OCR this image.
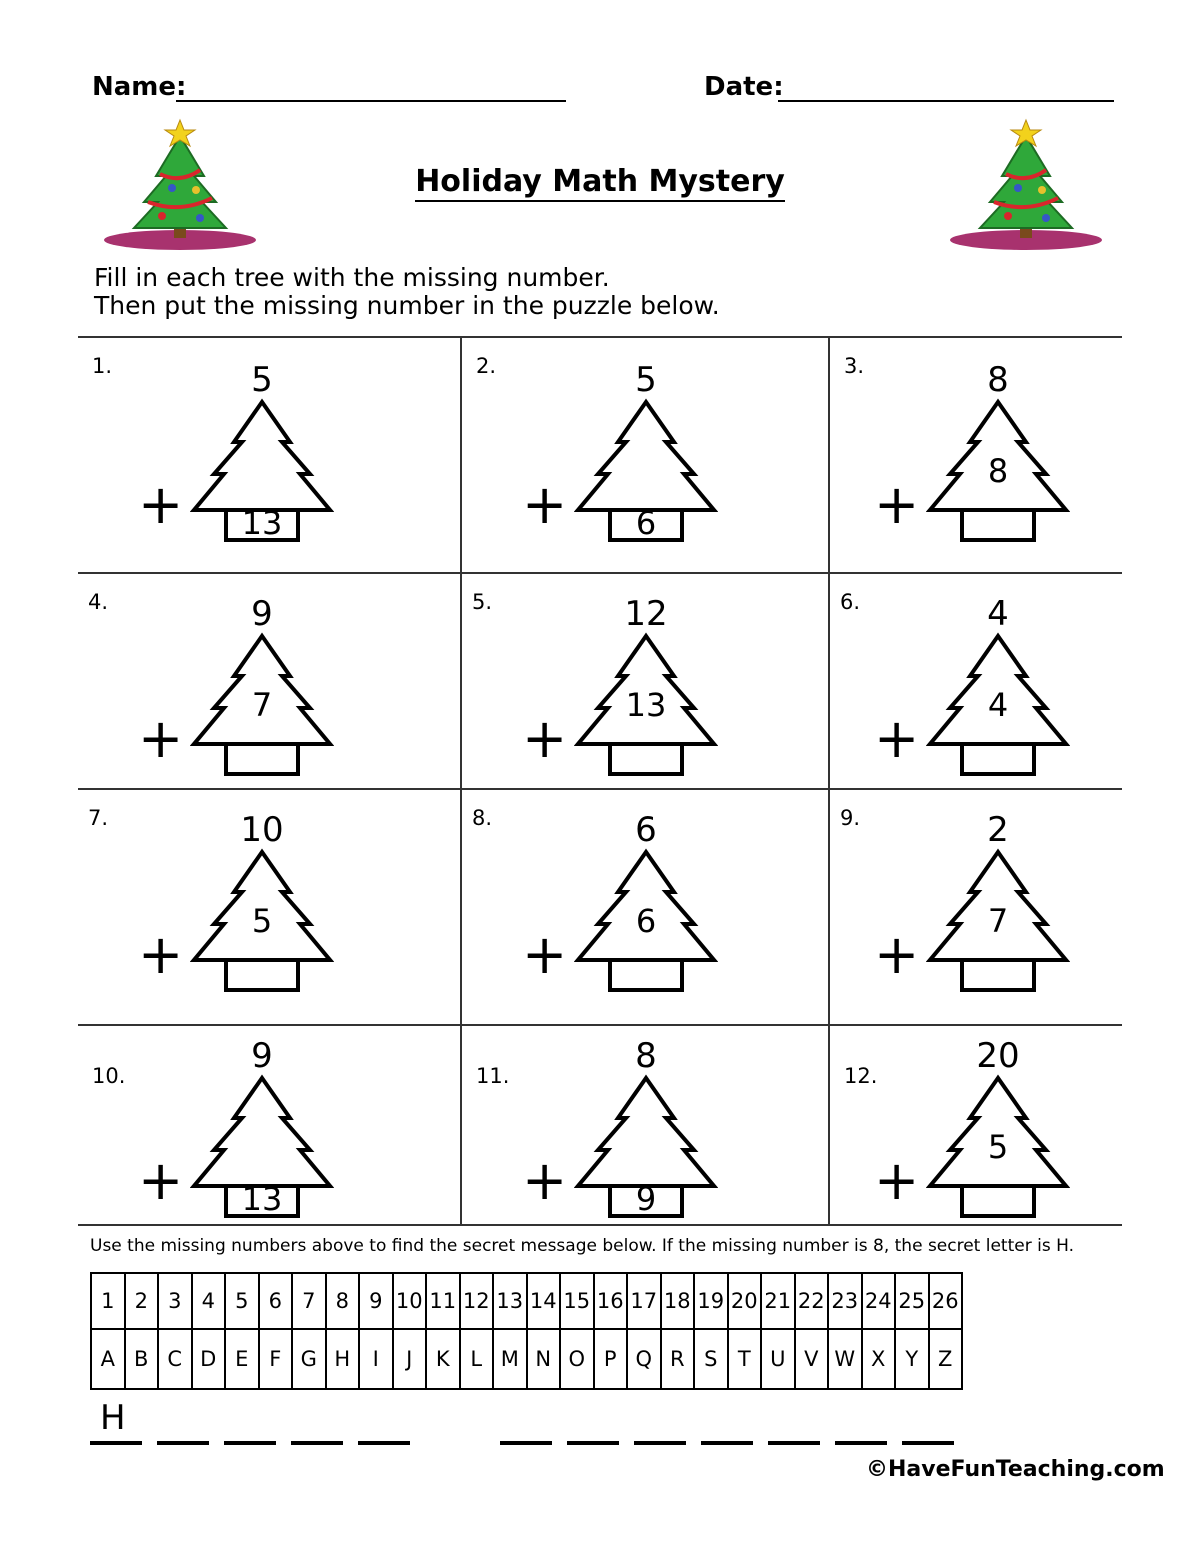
Name:	Date:
Holiday Math Mystery
Fill in each tree with the missing number.
Then put the missing number in the puzzle below.
1.	5
+	13
2.	5
+	6
3.	8
+
8
4.	9
+
7
5.	12
+
13
6.	4
+
4
7.	10
+
5
8.	6
+
6
9.	2
+
7
10.	9
+	13
11.	8
+	9
12.	20
+
5
Use the missing numbers above to find the secret message below. If the missing number is 8, the secret letter is H.
1	2	3	4	5	6	7	8	9	10	11	12	13	14	15	16	17	18	19	20	21	22	23	24	25	26
A	B	C	D	E	F	G	H	I	J	K	L	M	N	O	P	Q	R	S	T	U	V	W	X	Y	Z
H
©HaveFunTeaching.com
